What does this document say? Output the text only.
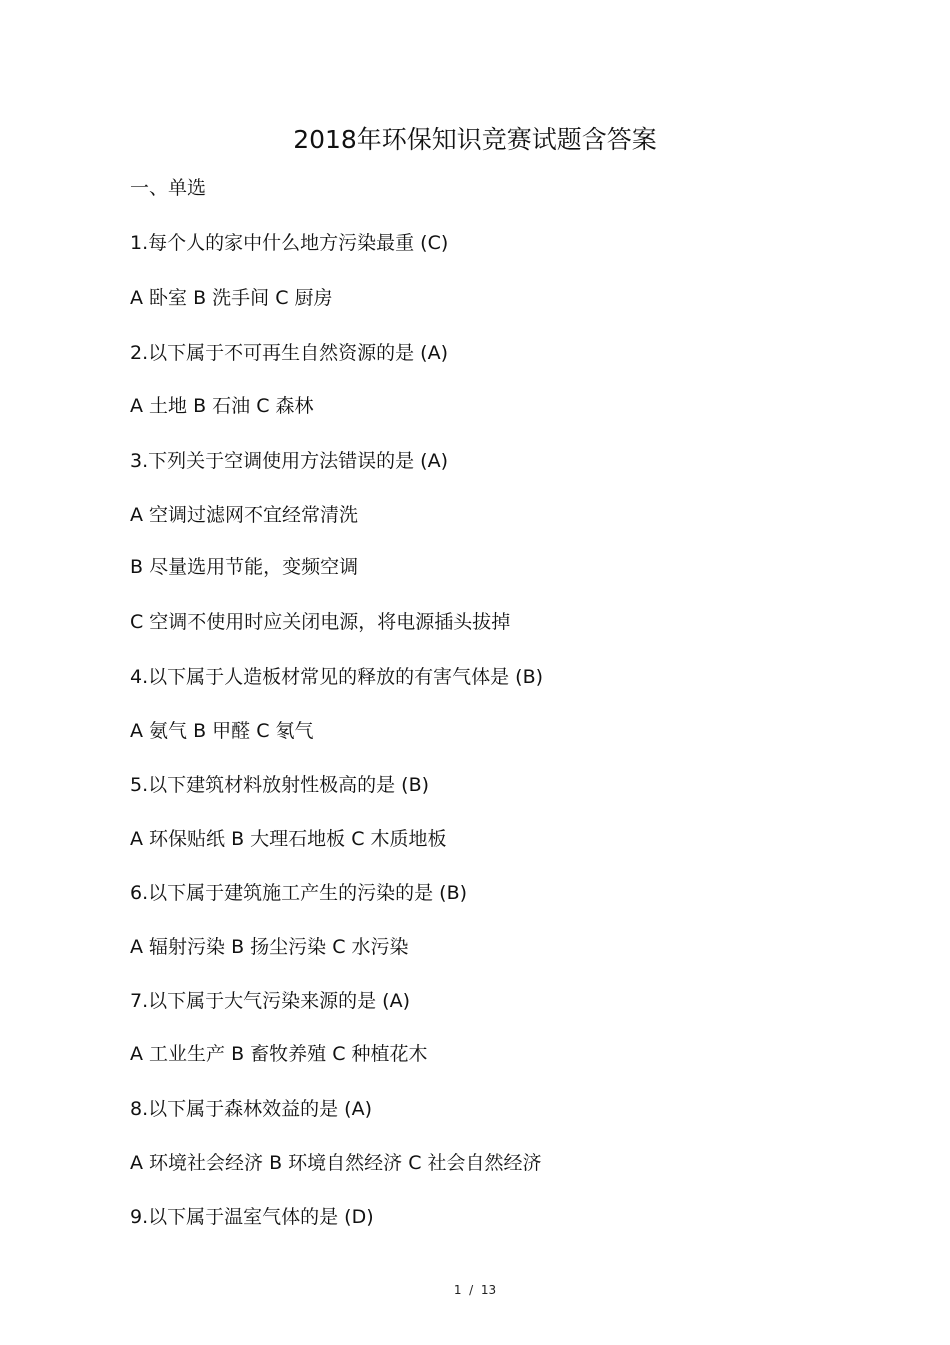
2018年环保知识竞赛试题含答案
一、单选
1.每个人的家中什么地方污染最重 (C)
A 卧室 B 洗手间 C 厨房
2.以下属于不可再生自然资源的是 (A)
A 土地 B 石油 C 森林
3.下列关于空调使用方法错误的是 (A)
A 空调过滤网不宜经常清洗
B 尽量选用节能，变频空调
C 空调不使用时应关闭电源，将电源插头拔掉
4.以下属于人造板材常见的释放的有害气体是 (B)
A 氨气 B 甲醛 C 氡气
5.以下建筑材料放射性极高的是 (B)
A 环保贴纸 B 大理石地板 C 木质地板
6.以下属于建筑施工产生的污染的是 (B)
A 辐射污染 B 扬尘污染 C 水污染
7.以下属于大气污染来源的是 (A)
A 工业生产 B 畜牧养殖 C 种植花木
8.以下属于森林效益的是 (A)
A 环境社会经济 B 环境自然经济 C 社会自然经济
9.以下属于温室气体的是 (D)
1  /  13
